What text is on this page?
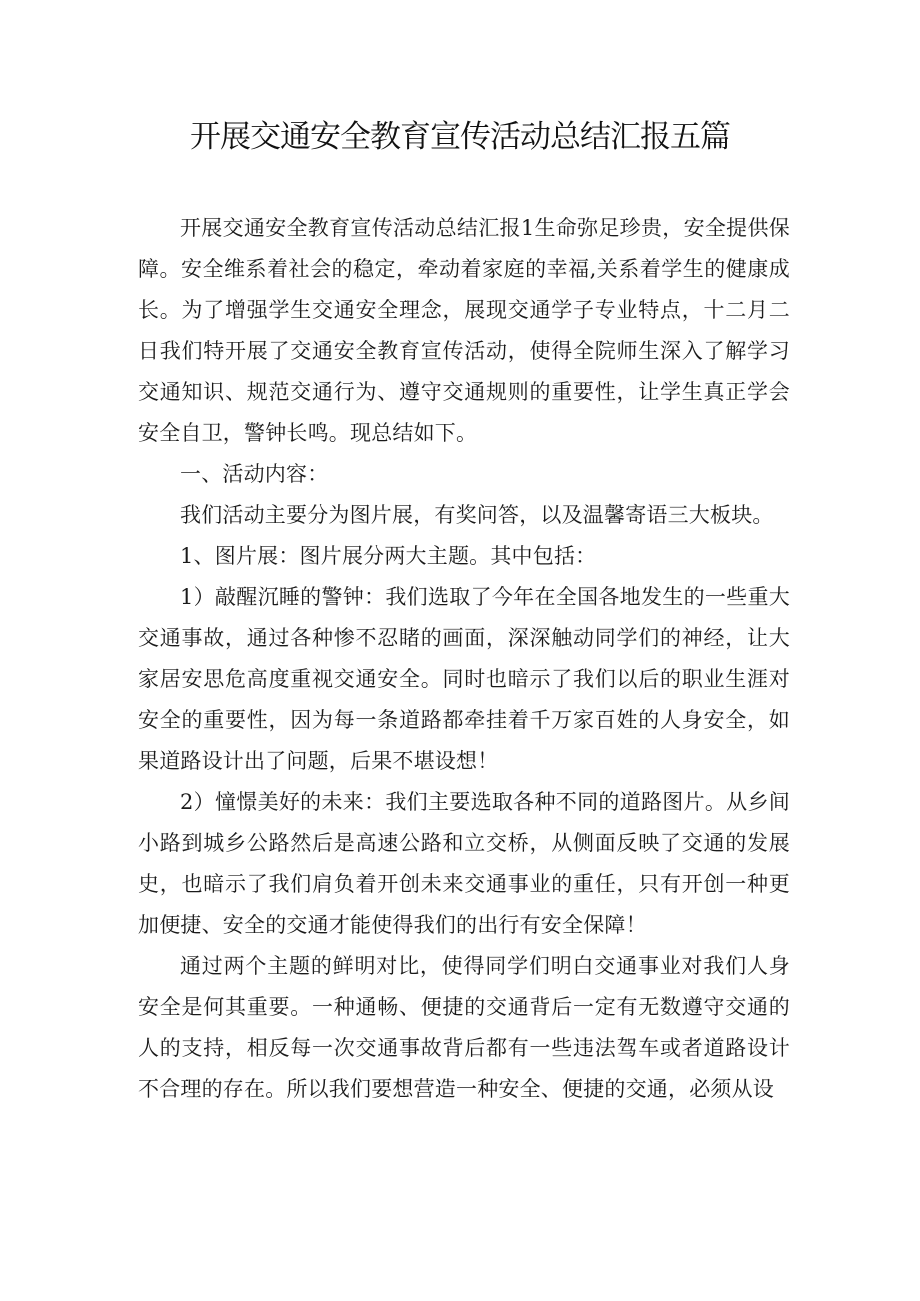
开展交通安全教育宣传活动总结汇报五篇

开展交通安全教育宣传活动总结汇报1生命弥足珍贵，安全提供保障。安全维系着社会的稳定，牵动着家庭的幸福,关系着学生的健康成长。为了增强学生交通安全理念，展现交通学子专业特点，十二月二日我们特开展了交通安全教育宣传活动，使得全院师生深入了解学习交通知识、规范交通行为、遵守交通规则的重要性，让学生真正学会安全自卫，警钟长鸣。现总结如下。

一、活动内容：

我们活动主要分为图片展，有奖问答，以及温馨寄语三大板块。

1、图片展：图片展分两大主题。其中包括：

1）敲醒沉睡的警钟：我们选取了今年在全国各地发生的一些重大交通事故，通过各种惨不忍睹的画面，深深触动同学们的神经，让大家居安思危高度重视交通安全。同时也暗示了我们以后的职业生涯对安全的重要性，因为每一条道路都牵挂着千万家百姓的人身安全，如果道路设计出了问题，后果不堪设想！

2）憧憬美好的未来：我们主要选取各种不同的道路图片。从乡间小路到城乡公路然后是高速公路和立交桥，从侧面反映了交通的发展史，也暗示了我们肩负着开创未来交通事业的重任，只有开创一种更加便捷、安全的交通才能使得我们的出行有安全保障！

通过两个主题的鲜明对比，使得同学们明白交通事业对我们人身安全是何其重要。一种通畅、便捷的交通背后一定有无数遵守交通的人的支持，相反每一次交通事故背后都有一些违法驾车或者道路设计不合理的存在。所以我们要想营造一种安全、便捷的交通，必须从设
